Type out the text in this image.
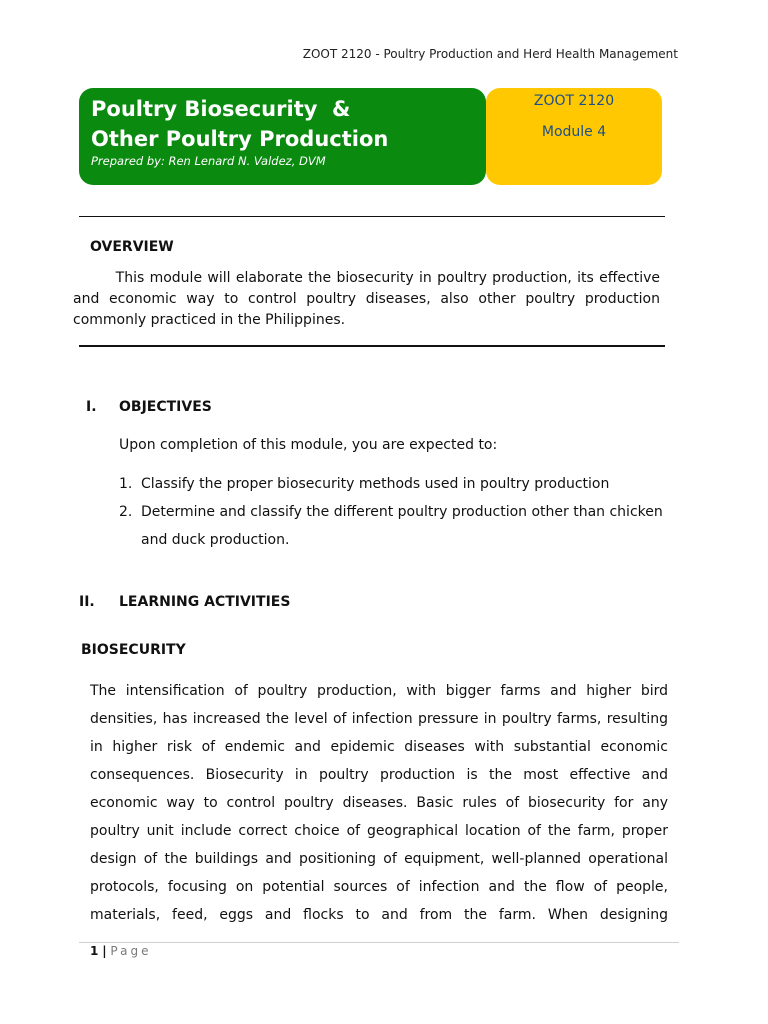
ZOOT 2120 - Poultry Production and Herd Health Management
Poultry Biosecurity  &
Other Poultry Production
Prepared by: Ren Lenard N. Valdez, DVM
ZOOT 2120
Module 4
OVERVIEW
This module will elaborate the biosecurity in poultry production, its effective and economic way to control poultry diseases, also other poultry production commonly practiced in the Philippines.
I. OBJECTIVES
Upon completion of this module, you are expected to:
1. Classify the proper biosecurity methods used in poultry production
2. Determine and classify the different poultry production other than chicken and duck production.
II. LEARNING ACTIVITIES
BIOSECURITY
The intensification of poultry production, with bigger farms and higher bird densities, has increased the level of infection pressure in poultry farms, resulting in higher risk of endemic and epidemic diseases with substantial economic consequences. Biosecurity in poultry production is the most effective and economic way to control poultry diseases. Basic rules of biosecurity for any poultry unit include correct choice of geographical location of the farm, proper design of the buildings and positioning of equipment, well-planned operational protocols, focusing on potential sources of infection and the flow of people, materials, feed, eggs and flocks to and from the farm. When designing
1 | Page
